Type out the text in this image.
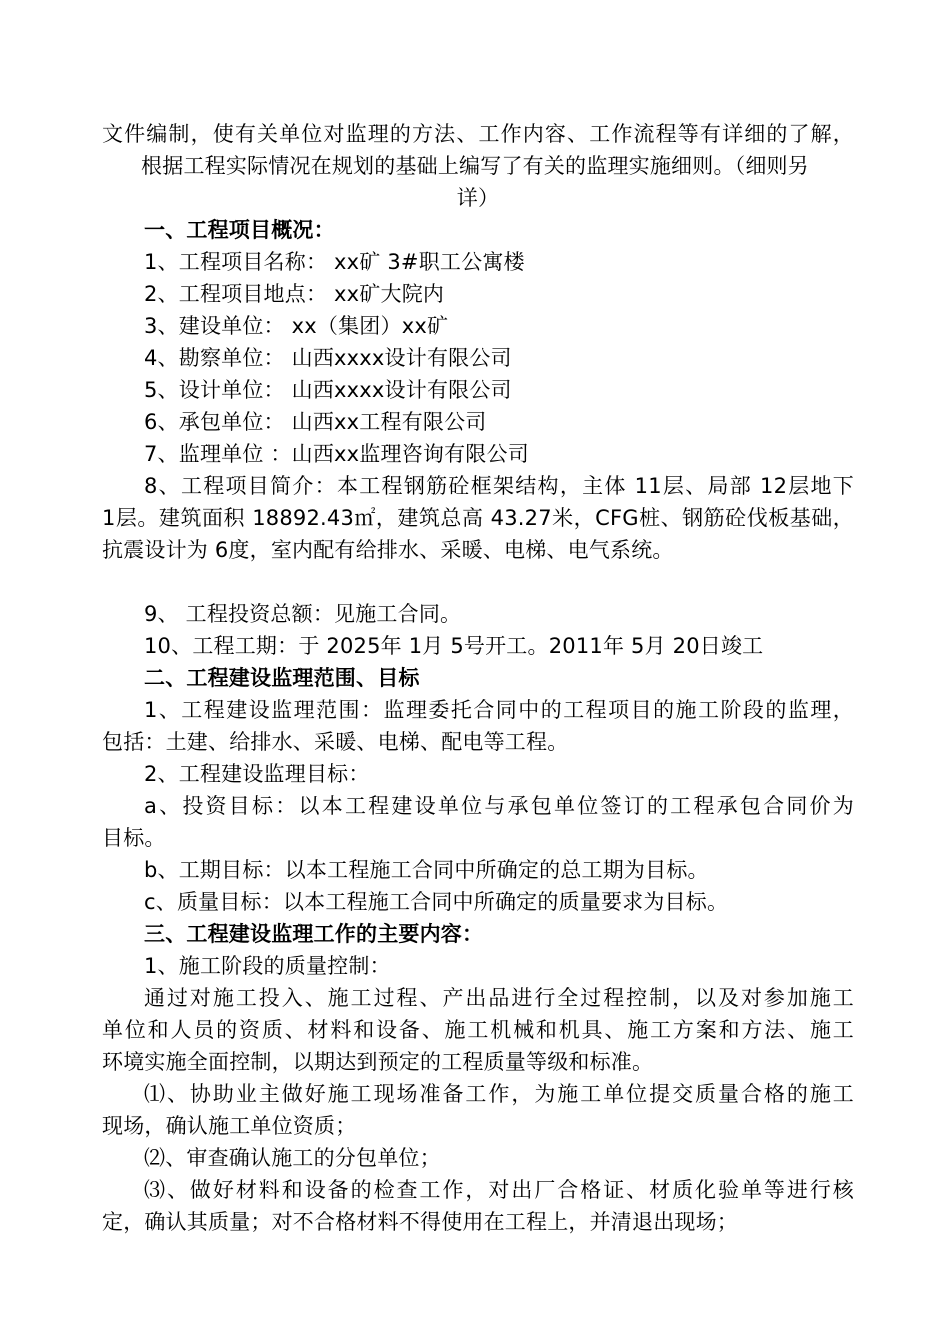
文件编制，使有关单位对监理的方法、工作内容、工作流程等有详细的了解，
根据工程实际情况在规划的基础上编写了有关的监理实施细则。（细则另
详）
一、工程项目概况：
1、工程项目名称： xx矿 3#职工公寓楼
2、工程项目地点： xx矿大院内
3、建设单位： xx（集团）xx矿
4、勘察单位： 山西xxxx设计有限公司
5、设计单位： 山西xxxx设计有限公司
6、承包单位： 山西xx工程有限公司
7、监理单位 ：山西xx监理咨询有限公司
8、工程项目简介：本工程钢筋砼框架结构，主体 11层、局部 12层地下
1层。建筑面积 18892.43㎡，建筑总高 43.27米，CFG桩、钢筋砼伐板基础，
抗震设计为 6度，室内配有给排水、采暖、电梯、电气系统。
9、 工程投资总额：见施工合同。
10、工程工期：于 2025年 1月 5号开工。2011年 5月 20日竣工
二、工程建设监理范围、目标
1、工程建设监理范围：监理委托合同中的工程项目的施工阶段的监理，
包括：土建、给排水、采暖、电梯、配电等工程。
2、工程建设监理目标：
a、投资目标：以本工程建设单位与承包单位签订的工程承包合同价为
目标。
b、工期目标：以本工程施工合同中所确定的总工期为目标。
c、质量目标：以本工程施工合同中所确定的质量要求为目标。
三、工程建设监理工作的主要内容：
1、施工阶段的质量控制：
通过对施工投入、施工过程、产出品进行全过程控制，以及对参加施工
单位和人员的资质、材料和设备、施工机械和机具、施工方案和方法、施工
环境实施全面控制，以期达到预定的工程质量等级和标准。
⑴、协助业主做好施工现场准备工作，为施工单位提交质量合格的施工
现场，确认施工单位资质；
⑵、审查确认施工的分包单位；
⑶、做好材料和设备的检查工作，对出厂合格证、材质化验单等进行核
定，确认其质量；对不合格材料不得使用在工程上，并清退出现场；
